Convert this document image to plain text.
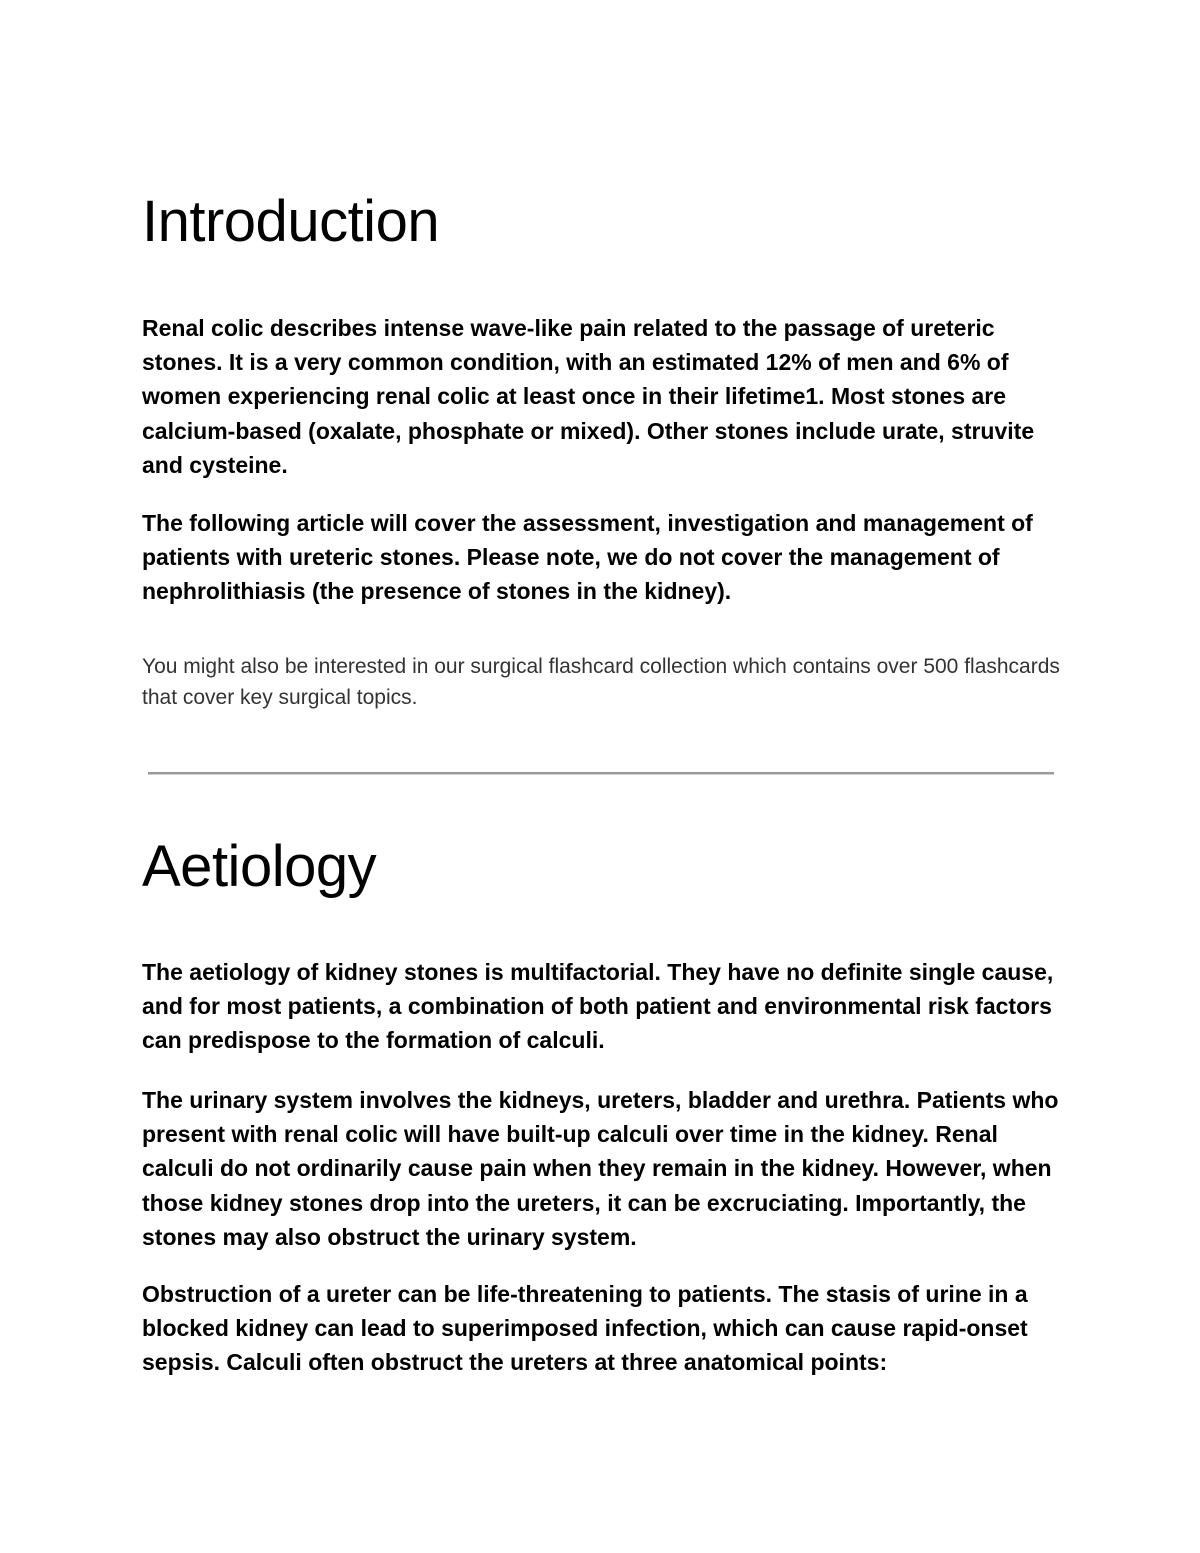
Introduction

Renal colic describes intense wave-like pain related to the passage of ureteric stones. It is a very common condition, with an estimated 12% of men and 6% of women experiencing renal colic at least once in their lifetime1. Most stones are calcium-based (oxalate, phosphate or mixed). Other stones include urate, struvite and cysteine.

The following article will cover the assessment, investigation and management of patients with ureteric stones. Please note, we do not cover the management of nephrolithiasis (the presence of stones in the kidney).

You might also be interested in our surgical flashcard collection which contains over 500 flashcards that cover key surgical topics.

Aetiology

The aetiology of kidney stones is multifactorial. They have no definite single cause, and for most patients, a combination of both patient and environmental risk factors can predispose to the formation of calculi.

The urinary system involves the kidneys, ureters, bladder and urethra. Patients who present with renal colic will have built-up calculi over time in the kidney. Renal calculi do not ordinarily cause pain when they remain in the kidney. However, when those kidney stones drop into the ureters, it can be excruciating. Importantly, the stones may also obstruct the urinary system.

Obstruction of a ureter can be life-threatening to patients. The stasis of urine in a blocked kidney can lead to superimposed infection, which can cause rapid-onset sepsis. Calculi often obstruct the ureters at three anatomical points:
